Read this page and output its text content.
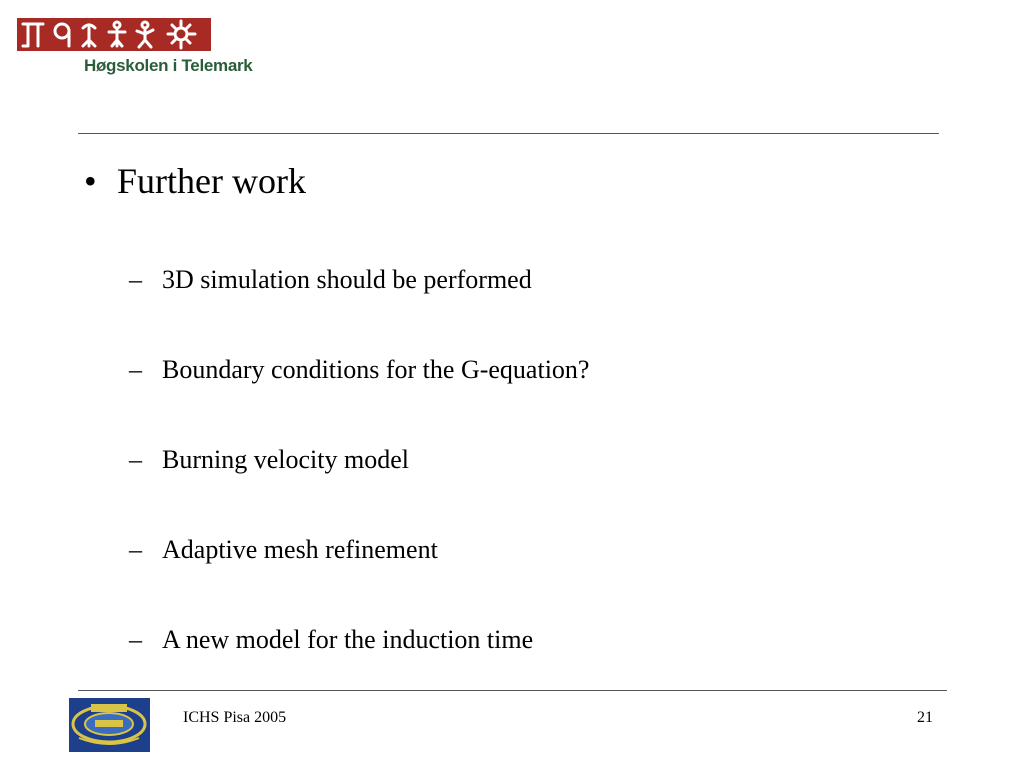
Høgskolen i Telemark
• Further work
– 3D simulation should be performed
– Boundary conditions for the G-equation?
– Burning velocity model
– Adaptive mesh refinement
– A new model for the induction time
ICHS Pisa 2005	21
